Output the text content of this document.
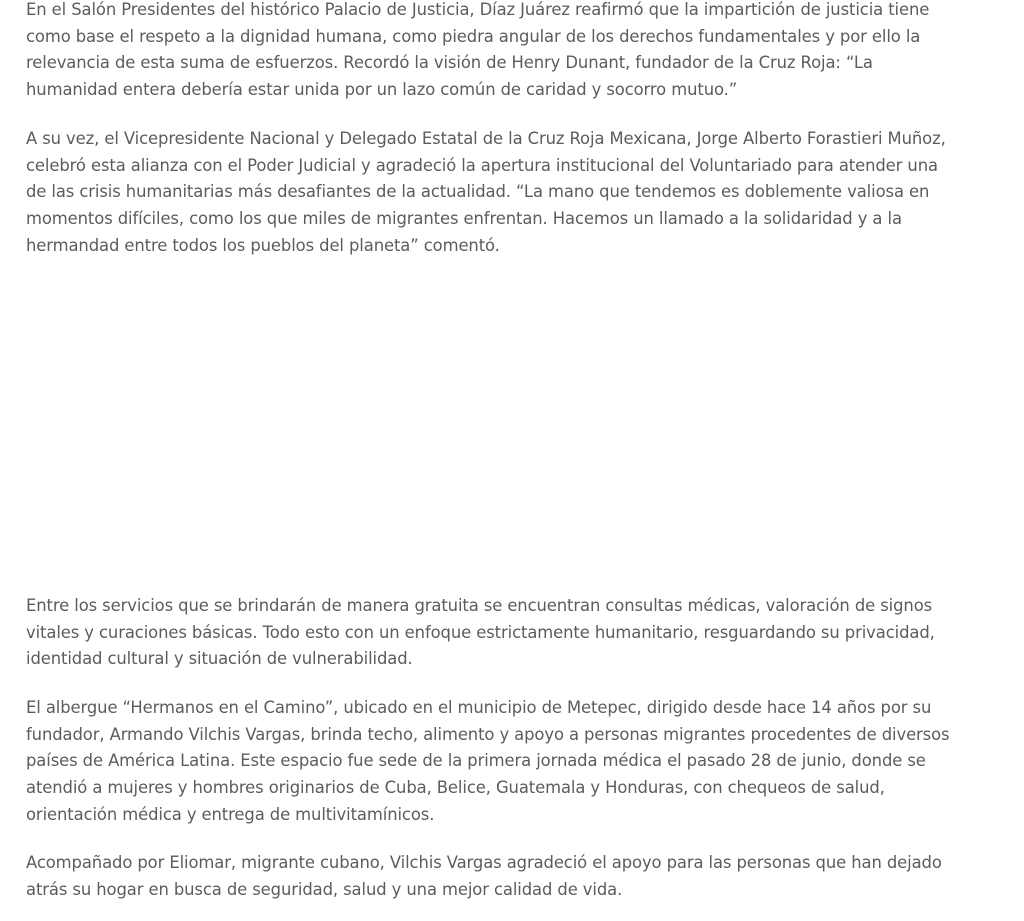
En el Salón Presidentes del histórico Palacio de Justicia, Díaz Juárez reafirmó que la impartición de justicia tiene como base el respeto a la dignidad humana, como piedra angular de los derechos fundamentales y por ello la relevancia de esta suma de esfuerzos. Recordó la visión de Henry Dunant, fundador de la Cruz Roja: “La humanidad entera debería estar unida por un lazo común de caridad y socorro mutuo.”

A su vez, el Vicepresidente Nacional y Delegado Estatal de la Cruz Roja Mexicana, Jorge Alberto Forastieri Muñoz, celebró esta alianza con el Poder Judicial y agradeció la apertura institucional del Voluntariado para atender una de las crisis humanitarias más desafiantes de la actualidad. “La mano que tendemos es doblemente valiosa en momentos difíciles, como los que miles de migrantes enfrentan. Hacemos un llamado a la solidaridad y a la hermandad entre todos los pueblos del planeta” comentó.

Entre los servicios que se brindarán de manera gratuita se encuentran consultas médicas, valoración de signos vitales y curaciones básicas. Todo esto con un enfoque estrictamente humanitario, resguardando su privacidad, identidad cultural y situación de vulnerabilidad.

El albergue “Hermanos en el Camino”, ubicado en el municipio de Metepec, dirigido desde hace 14 años por su fundador, Armando Vilchis Vargas, brinda techo, alimento y apoyo a personas migrantes procedentes de diversos países de América Latina. Este espacio fue sede de la primera jornada médica el pasado 28 de junio, donde se atendió a mujeres y hombres originarios de Cuba, Belice, Guatemala y Honduras, con chequeos de salud, orientación médica y entrega de multivitamínicos.

Acompañado por Eliomar, migrante cubano, Vilchis Vargas agradeció el apoyo para las personas que han dejado atrás su hogar en busca de seguridad, salud y una mejor calidad de vida.
